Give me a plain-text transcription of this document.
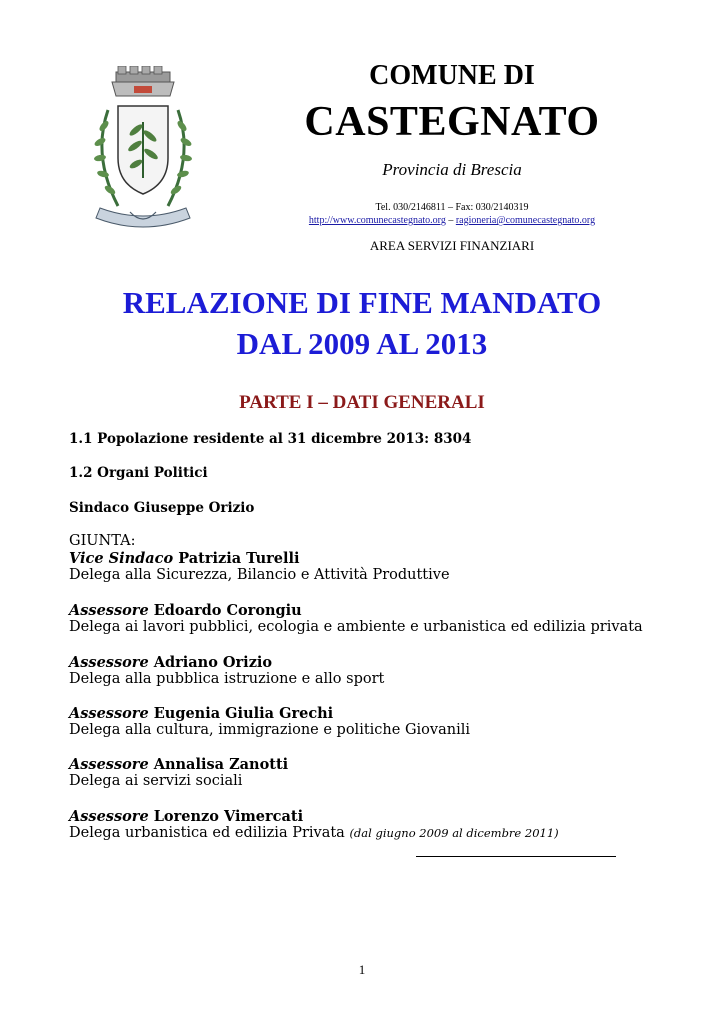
COMUNE DI
CASTEGNATO
Provincia di Brescia
Tel. 030/2146811 – Fax: 030/2140319
http://www.comunecastegnato.org – ragioneria@comunecastegnato.org
AREA SERVIZI FINANZIARI
RELAZIONE DI FINE MANDATO
DAL 2009 AL 2013
PARTE I – DATI GENERALI
1.1 Popolazione residente al 31 dicembre 2013: 8304
1.2 Organi Politici
Sindaco Giuseppe Orizio
GIUNTA:
Vice Sindaco Patrizia Turelli
Delega alla Sicurezza, Bilancio e Attività Produttive
Assessore Edoardo Corongiu
Delega ai lavori pubblici, ecologia e ambiente e urbanistica ed edilizia privata
Assessore Adriano Orizio
Delega alla pubblica istruzione e allo sport
Assessore Eugenia Giulia Grechi
Delega alla cultura, immigrazione e politiche Giovanili
Assessore Annalisa Zanotti
Delega ai servizi sociali
Assessore Lorenzo Vimercati
Delega urbanistica ed edilizia Privata (dal giugno 2009 al dicembre 2011)
1
